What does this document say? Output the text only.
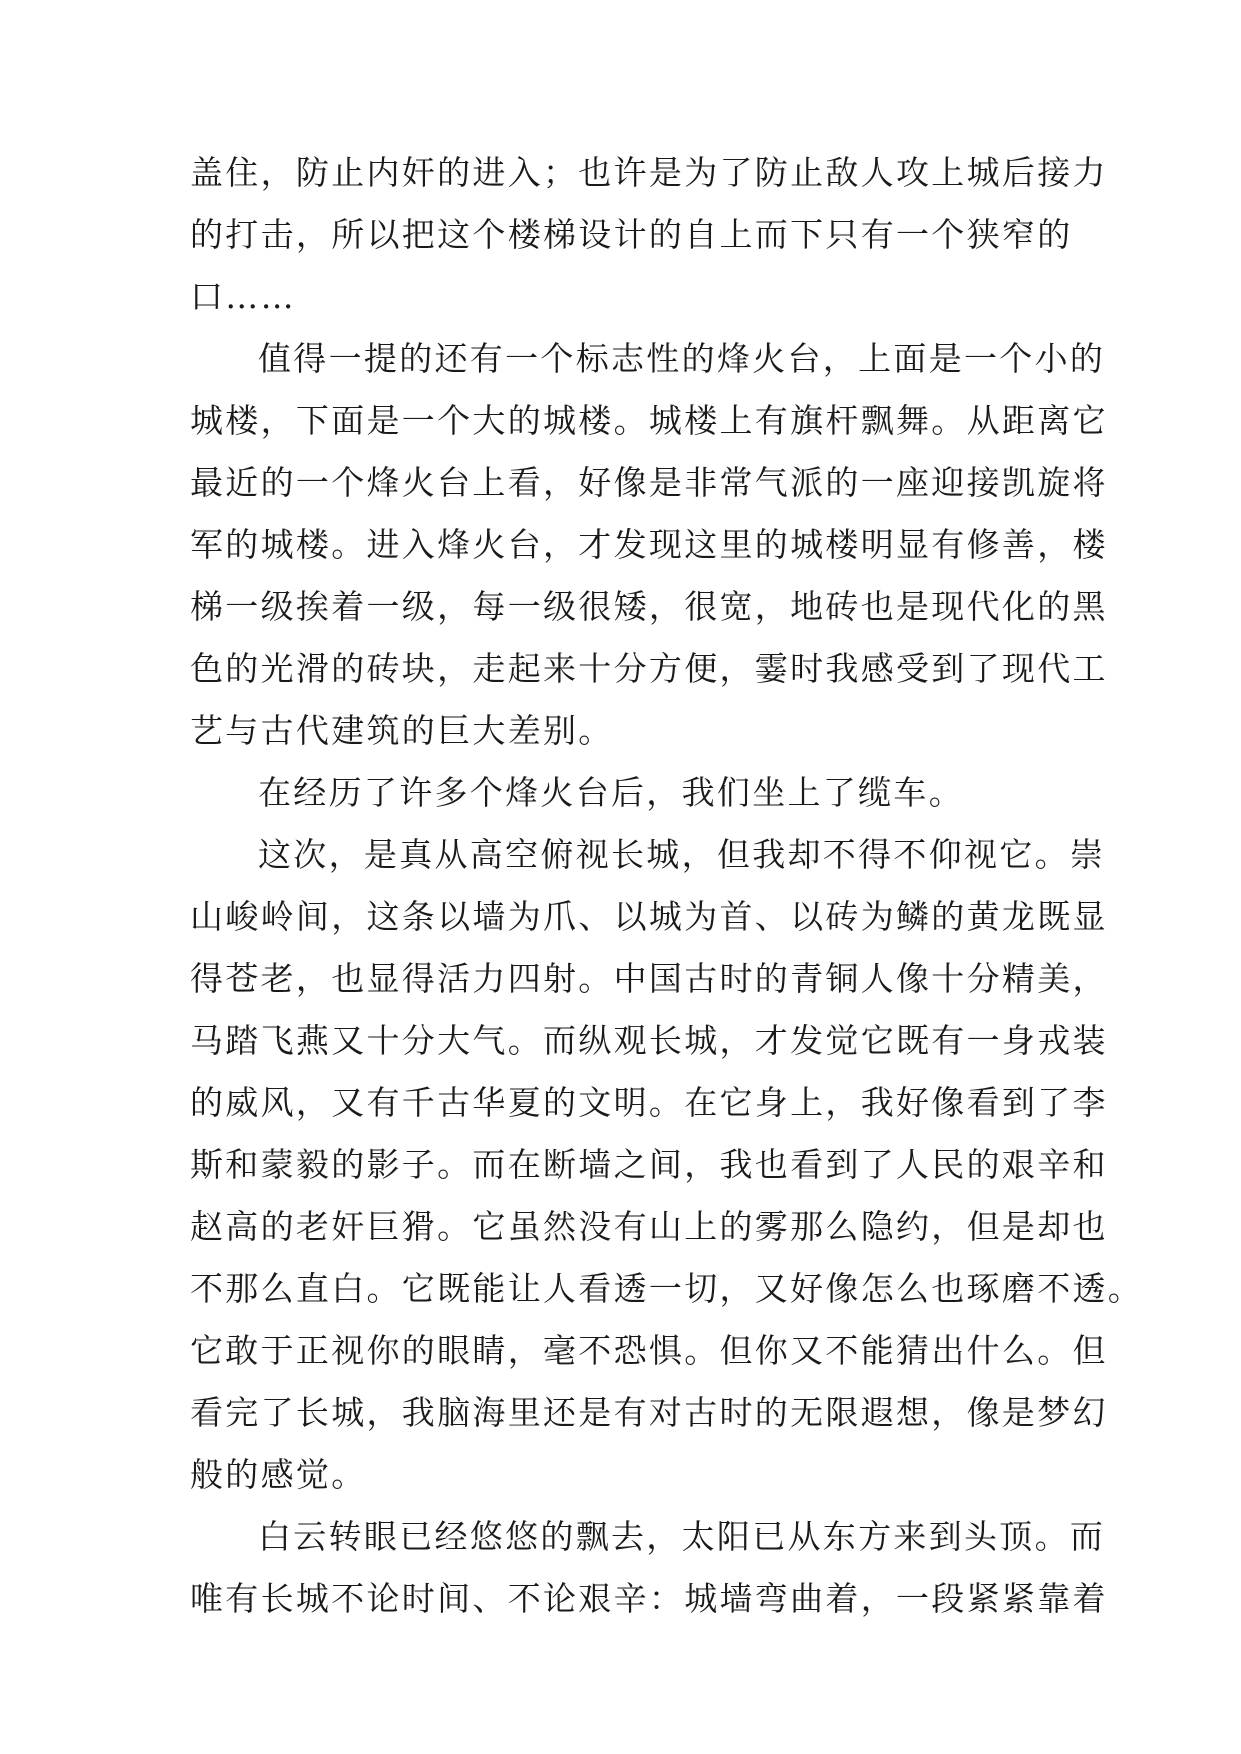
盖住，防止内奸的进入；也许是为了防止敌人攻上城后接力
的打击，所以把这个楼梯设计的自上而下只有一个狭窄的
口……
值得一提的还有一个标志性的烽火台，上面是一个小的
城楼，下面是一个大的城楼。城楼上有旗杆飘舞。从距离它
最近的一个烽火台上看，好像是非常气派的一座迎接凯旋将
军的城楼。进入烽火台，才发现这里的城楼明显有修善，楼
梯一级挨着一级，每一级很矮，很宽，地砖也是现代化的黑
色的光滑的砖块，走起来十分方便，霎时我感受到了现代工
艺与古代建筑的巨大差别。
在经历了许多个烽火台后，我们坐上了缆车。
这次，是真从高空俯视长城，但我却不得不仰视它。崇
山峻岭间，这条以墙为爪、以城为首、以砖为鳞的黄龙既显
得苍老，也显得活力四射。中国古时的青铜人像十分精美，
马踏飞燕又十分大气。而纵观长城，才发觉它既有一身戎装
的威风，又有千古华夏的文明。在它身上，我好像看到了李
斯和蒙毅的影子。而在断墙之间，我也看到了人民的艰辛和
赵高的老奸巨猾。它虽然没有山上的雾那么隐约，但是却也
不那么直白。它既能让人看透一切，又好像怎么也琢磨不透。
它敢于正视你的眼睛，毫不恐惧。但你又不能猜出什么。但
看完了长城，我脑海里还是有对古时的无限遐想，像是梦幻
般的感觉。
白云转眼已经悠悠的飘去，太阳已从东方来到头顶。而
唯有长城不论时间、不论艰辛：城墙弯曲着，一段紧紧靠着
